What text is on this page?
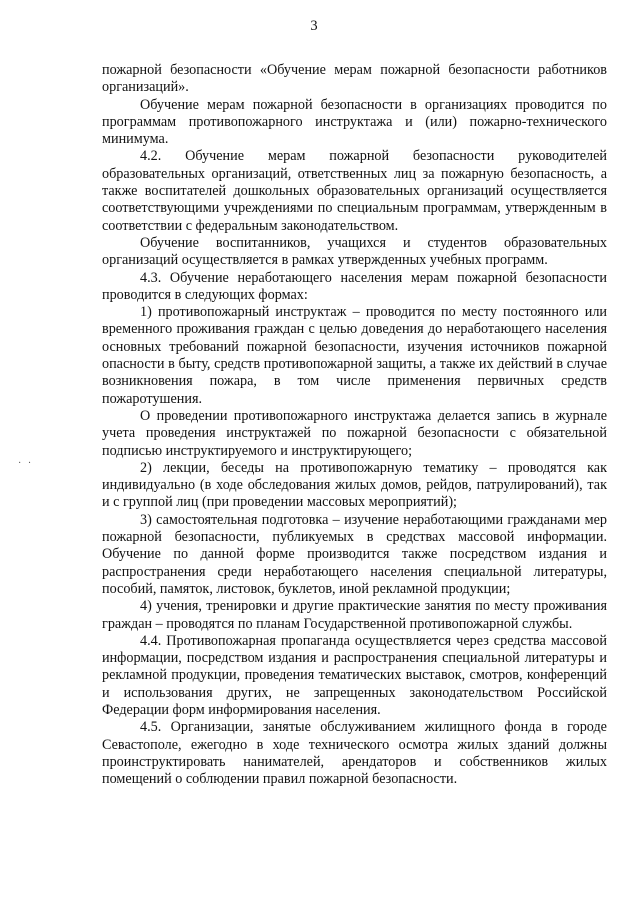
3
· ·

пожарной безопасности «Обучение мерам пожарной безопасности работников организаций».

Обучение мерам пожарной безопасности в организациях проводится по программам противопожарного инструктажа и (или) пожарно-технического минимума.

4.2. Обучение мерам пожарной безопасности руководителей образовательных организаций, ответственных лиц за пожарную безопасность, а также воспитателей дошкольных образовательных организаций осуществляется соответствующими учреждениями по специальным программам, утвержденным в соответствии с федеральным законодательством.

Обучение воспитанников, учащихся и студентов образовательных организаций осуществляется в рамках утвержденных учебных программ.

4.3. Обучение неработающего населения мерам пожарной безопасности проводится в следующих формах:

1) противопожарный инструктаж – проводится по месту постоянного или временного проживания граждан с целью доведения до неработающего населения основных требований пожарной безопасности, изучения источников пожарной опасности в быту, средств противопожарной защиты, а также их действий в случае возникновения пожара, в том числе применения первичных средств пожаротушения.

О проведении противопожарного инструктажа делается запись в журнале учета проведения инструктажей по пожарной безопасности с обязательной подписью инструктируемого и инструктирующего;

2) лекции, беседы на противопожарную тематику – проводятся как индивидуально (в ходе обследования жилых домов, рейдов, патрулирований), так и с группой лиц (при проведении массовых мероприятий);

3) самостоятельная подготовка – изучение неработающими гражданами мер пожарной безопасности, публикуемых в средствах массовой информации. Обучение по данной форме производится также посредством издания и распространения среди неработающего населения специальной литературы, пособий, памяток, листовок, буклетов, иной рекламной продукции;

4) учения, тренировки и другие практические занятия по месту проживания граждан – проводятся по планам Государственной противопожарной службы.

4.4. Противопожарная пропаганда осуществляется через средства массовой информации, посредством издания и распространения специальной литературы и рекламной продукции, проведения тематических выставок, смотров, конференций и использования других, не запрещенных законодательством Российской Федерации форм информирования населения.

4.5. Организации, занятые обслуживанием жилищного фонда в городе Севастополе, ежегодно в ходе технического осмотра жилых зданий должны проинструктировать нанимателей, арендаторов и собственников жилых помещений о соблюдении правил пожарной безопасности.
